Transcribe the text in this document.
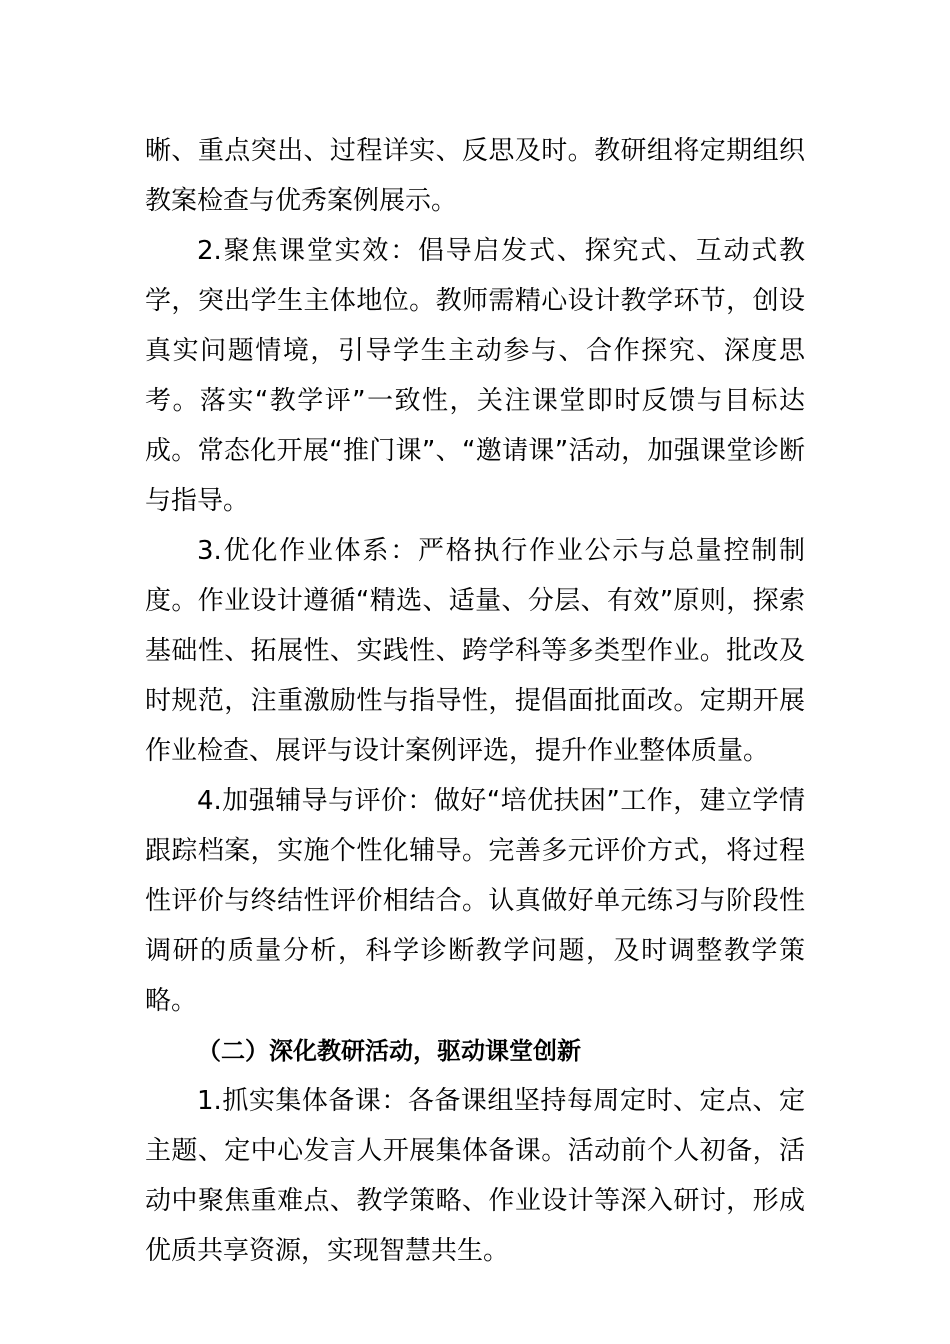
晰、重点突出、过程详实、反思及时。教研组将定期组织教案检查与优秀案例展示。

2.聚焦课堂实效：倡导启发式、探究式、互动式教学，突出学生主体地位。教师需精心设计教学环节，创设真实问题情境，引导学生主动参与、合作探究、深度思考。落实“教学评”一致性，关注课堂即时反馈与目标达成。常态化开展“推门课”、“邀请课”活动，加强课堂诊断与指导。

3.优化作业体系：严格执行作业公示与总量控制制度。作业设计遵循“精选、适量、分层、有效”原则，探索基础性、拓展性、实践性、跨学科等多类型作业。批改及时规范，注重激励性与指导性，提倡面批面改。定期开展作业检查、展评与设计案例评选，提升作业整体质量。

4.加强辅导与评价：做好“培优扶困”工作，建立学情跟踪档案，实施个性化辅导。完善多元评价方式，将过程性评价与终结性评价相结合。认真做好单元练习与阶段性调研的质量分析，科学诊断教学问题，及时调整教学策略。

（二）深化教研活动，驱动课堂创新

1.抓实集体备课：各备课组坚持每周定时、定点、定主题、定中心发言人开展集体备课。活动前个人初备，活动中聚焦重难点、教学策略、作业设计等深入研讨，形成优质共享资源，实现智慧共生。
